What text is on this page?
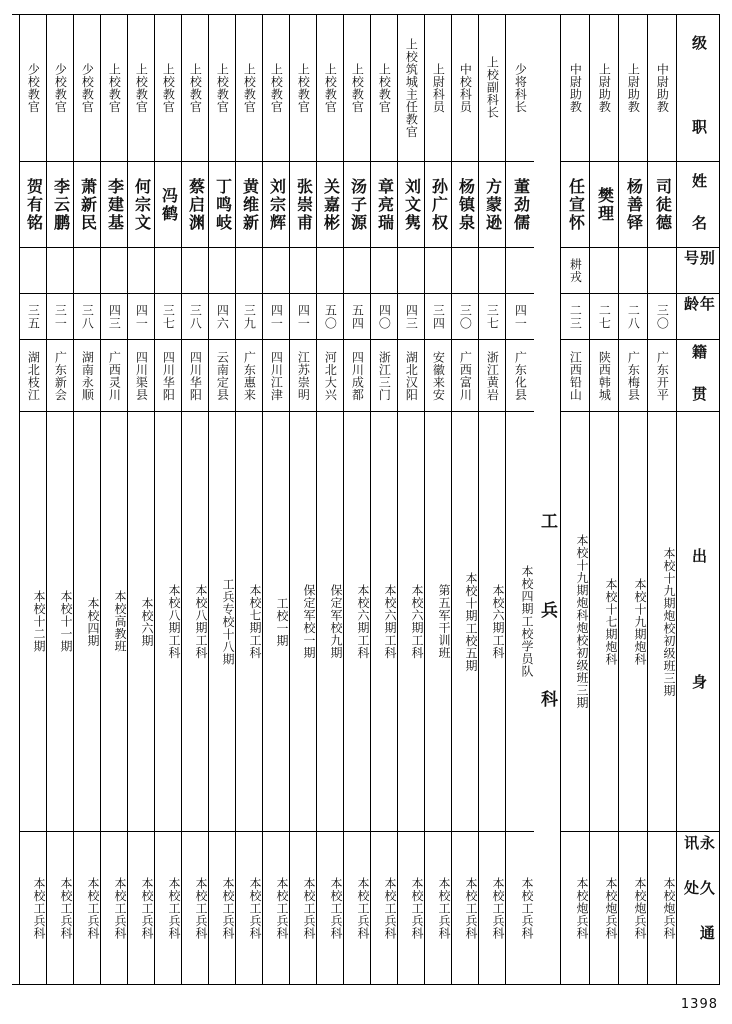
级　　　职
姓　名
别　号
年　龄
籍　贯
出　　　　　身
永 久 通 讯 处
中尉助教
司徒德
三〇
广东开平
本校十九期炮校初级班三期
本校炮兵科
上尉助教
杨善铎
二八
广东梅县
本校十九期炮科
本校炮兵科
上尉助教
樊理
二七
陕西韩城
本校十七期炮科
本校炮兵科
中尉助教
任宣怀
耕戎
二三
江西铅山
本校十九期炮科炮校初级班三期
本校炮兵科
工 兵 科
少将科长
董劲儒
四一
广东化县
本校四期工校学员队
本校工兵科
上校副科长
方蒙逊
三七
浙江黄岩
本校六期工科
本校工兵科
中校科员
杨镇泉
三〇
广西富川
本校十期工校五期
本校工兵科
上尉科员
孙广权
三四
安徽来安
第五军干训班
本校工兵科
上校筑城主任教官
刘文隽
四三
湖北汉阳
本校六期工科
本校工兵科
上校教官
章亮瑞
四〇
浙江三门
本校六期工科
本校工兵科
上校教官
汤子源
五四
四川成都
本校六期工科
本校工兵科
上校教官
关嘉彬
五〇
河北大兴
保定军校九期
本校工兵科
上校教官
张崇甫
四一
江苏崇明
保定军校一期
本校工兵科
上校教官
刘宗辉
四一
四川江津
工校一期
本校工兵科
上校教官
黄维新
三九
广东惠来
本校七期工科
本校工兵科
上校教官
丁鸣岐
四六
云南定县
工兵专校十八期
本校工兵科
上校教官
蔡启渊
三八
四川华阳
本校八期工科
本校工兵科
上校教官
冯鹤
三七
四川华阳
本校八期工科
本校工兵科
上校教官
何宗文
四一
四川渠县
本校六期
本校工兵科
上校教官
李建基
四三
广西灵川
本校高教班
本校工兵科
少校教官
萧新民
三八
湖南永顺
本校四期
本校工兵科
少校教官
李云鹏
三一
广东新会
本校十一期
本校工兵科
少校教官
贺有铭
三五
湖北枝江
本校十二期
本校工兵科
1398
